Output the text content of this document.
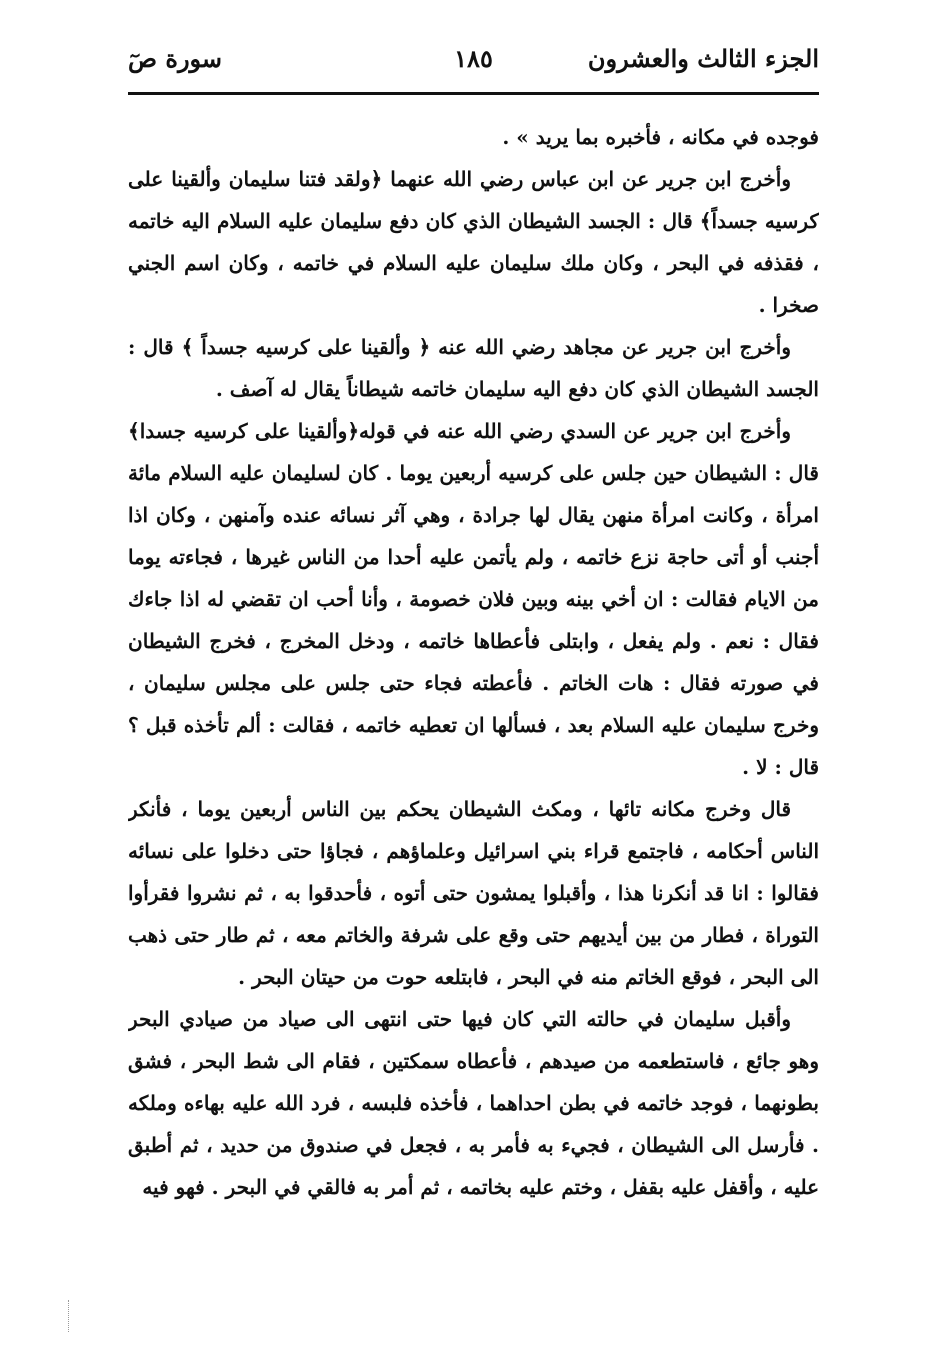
الجزء الثالث والعشرون
١٨٥
سورة صٓ

فوجده في مكانه ، فأخبره بما يريد » .

وأخرج ابن جرير عن ابن عباس رضي الله عنهما ﴿ولقد فتنا سليمان وألقينا على كرسيه جسداً﴾ قال : الجسد الشيطان الذي كان دفع سليمان عليه السلام اليه خاتمه ، فقذفه في البحر ، وكان ملك سليمان عليه السلام في خاتمه ، وكان اسم الجني صخرا .

وأخرج ابن جرير عن مجاهد رضي الله عنه ﴿ وألقينا على كرسيه جسداً ﴾ قال : الجسد الشيطان الذي كان دفع اليه سليمان خاتمه شيطاناً يقال له آصف .

وأخرج ابن جرير عن السدي رضي الله عنه في قوله﴿وألقينا على كرسيه جسدا﴾ قال : الشيطان حين جلس على كرسيه أربعين يوما . كان لسليمان عليه السلام مائة امرأة ، وكانت امرأة منهن يقال لها جرادة ، وهي آثر نسائه عنده وآمنهن ، وكان اذا أجنب أو أتى حاجة نزع خاتمه ، ولم يأتمن عليه أحدا من الناس غيرها ، فجاءته يوما من الايام فقالت : ان أخي بينه وبين فلان خصومة ، وأنا أحب ان تقضي له اذا جاءك فقال : نعم . ولم يفعل ، وابتلى فأعطاها خاتمه ، ودخل المخرج ، فخرج الشيطان في صورته فقال : هات الخاتم . فأعطته فجاء حتى جلس على مجلس سليمان ، وخرج سليمان عليه السلام بعد ، فسألها ان تعطيه خاتمه ، فقالت : ألم تأخذه قبل ؟ قال : لا .

قال وخرج مكانه تائها ، ومكث الشيطان يحكم بين الناس أربعين يوما ، فأنكر الناس أحكامه ، فاجتمع قراء بني اسرائيل وعلماؤهم ، فجاؤا حتى دخلوا على نسائه فقالوا : انا قد أنكرنا هذا ، وأقبلوا يمشون حتى أتوه ، فأحدقوا به ، ثم نشروا فقرأوا التوراة ، فطار من بين أيديهم حتى وقع على شرفة والخاتم معه ، ثم طار حتى ذهب الى البحر ، فوقع الخاتم منه في البحر ، فابتلعه حوت من حيتان البحر .

وأقبل سليمان في حالته التي كان فيها حتى انتهى الى صياد من صيادي البحر وهو جائع ، فاستطعمه من صيدهم ، فأعطاه سمكتين ، فقام الى شط البحر ، فشق بطونهما ، فوجد خاتمه في بطن احداهما ، فأخذه فلبسه ، فرد الله عليه بهاءه وملكه . فأرسل الى الشيطان ، فجيء به فأمر به ، فجعل في صندوق من حديد ، ثم أطبق عليه ، وأقفل عليه بقفل ، وختم عليه بخاتمه ، ثم أمر به فالقي في البحر . فهو فيه
